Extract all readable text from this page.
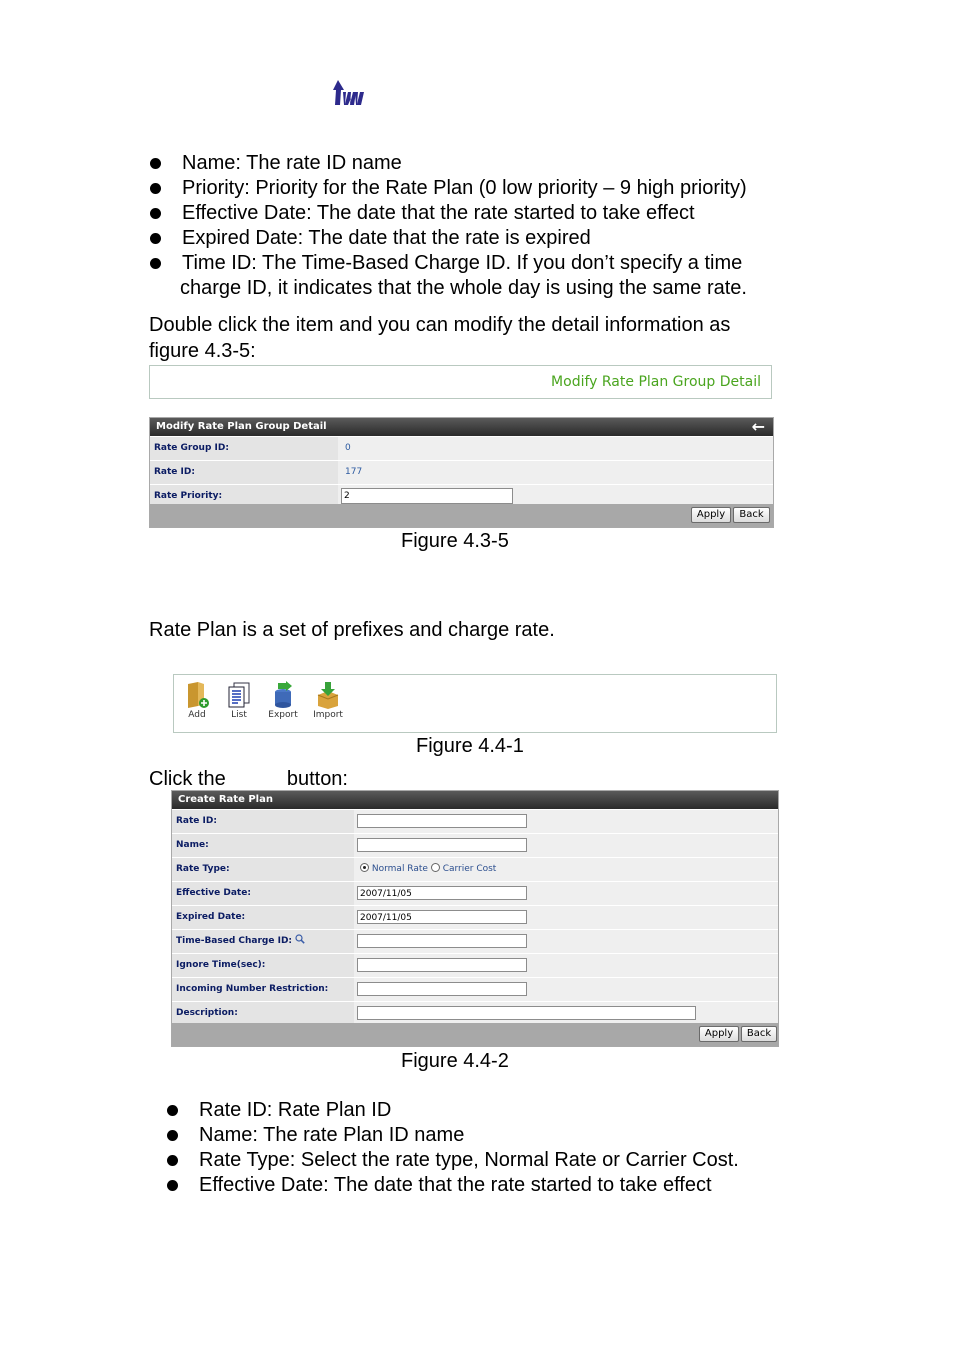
Name: The rate ID name
Priority: Priority for the Rate Plan (0 low priority – 9 high priority)
Effective Date: The date that the rate started to take effect
Expired Date: The date that the rate is expired
Time ID: The Time-Based Charge ID. If you don’t specify a time
charge ID, it indicates that the whole day is using the same rate.
Double click the item and you can modify the detail information as
figure 4.3-5:
Modify Rate Plan Group Detail
Modify Rate Plan Group Detail	←
Rate Group ID:	0
Rate ID:	177
Rate Priority:	2
Apply	Back
Figure 4.3-5
Rate Plan is a set of prefixes and charge rate.
Add	List	Export	Import
Figure 4.4-1
Click the	button:
Create Rate Plan
Rate ID:
Name:
Rate Type:	Normal Rate Carrier Cost
Effective Date:	2007/11/05
Expired Date:	2007/11/05
Time-Based Charge ID:
Ignore Time(sec):
Incoming Number Restriction:
Description:
Apply	Back
Figure 4.4-2
Rate ID: Rate Plan ID
Name: The rate Plan ID name
Rate Type: Select the rate type, Normal Rate or Carrier Cost.
Effective Date: The date that the rate started to take effect
